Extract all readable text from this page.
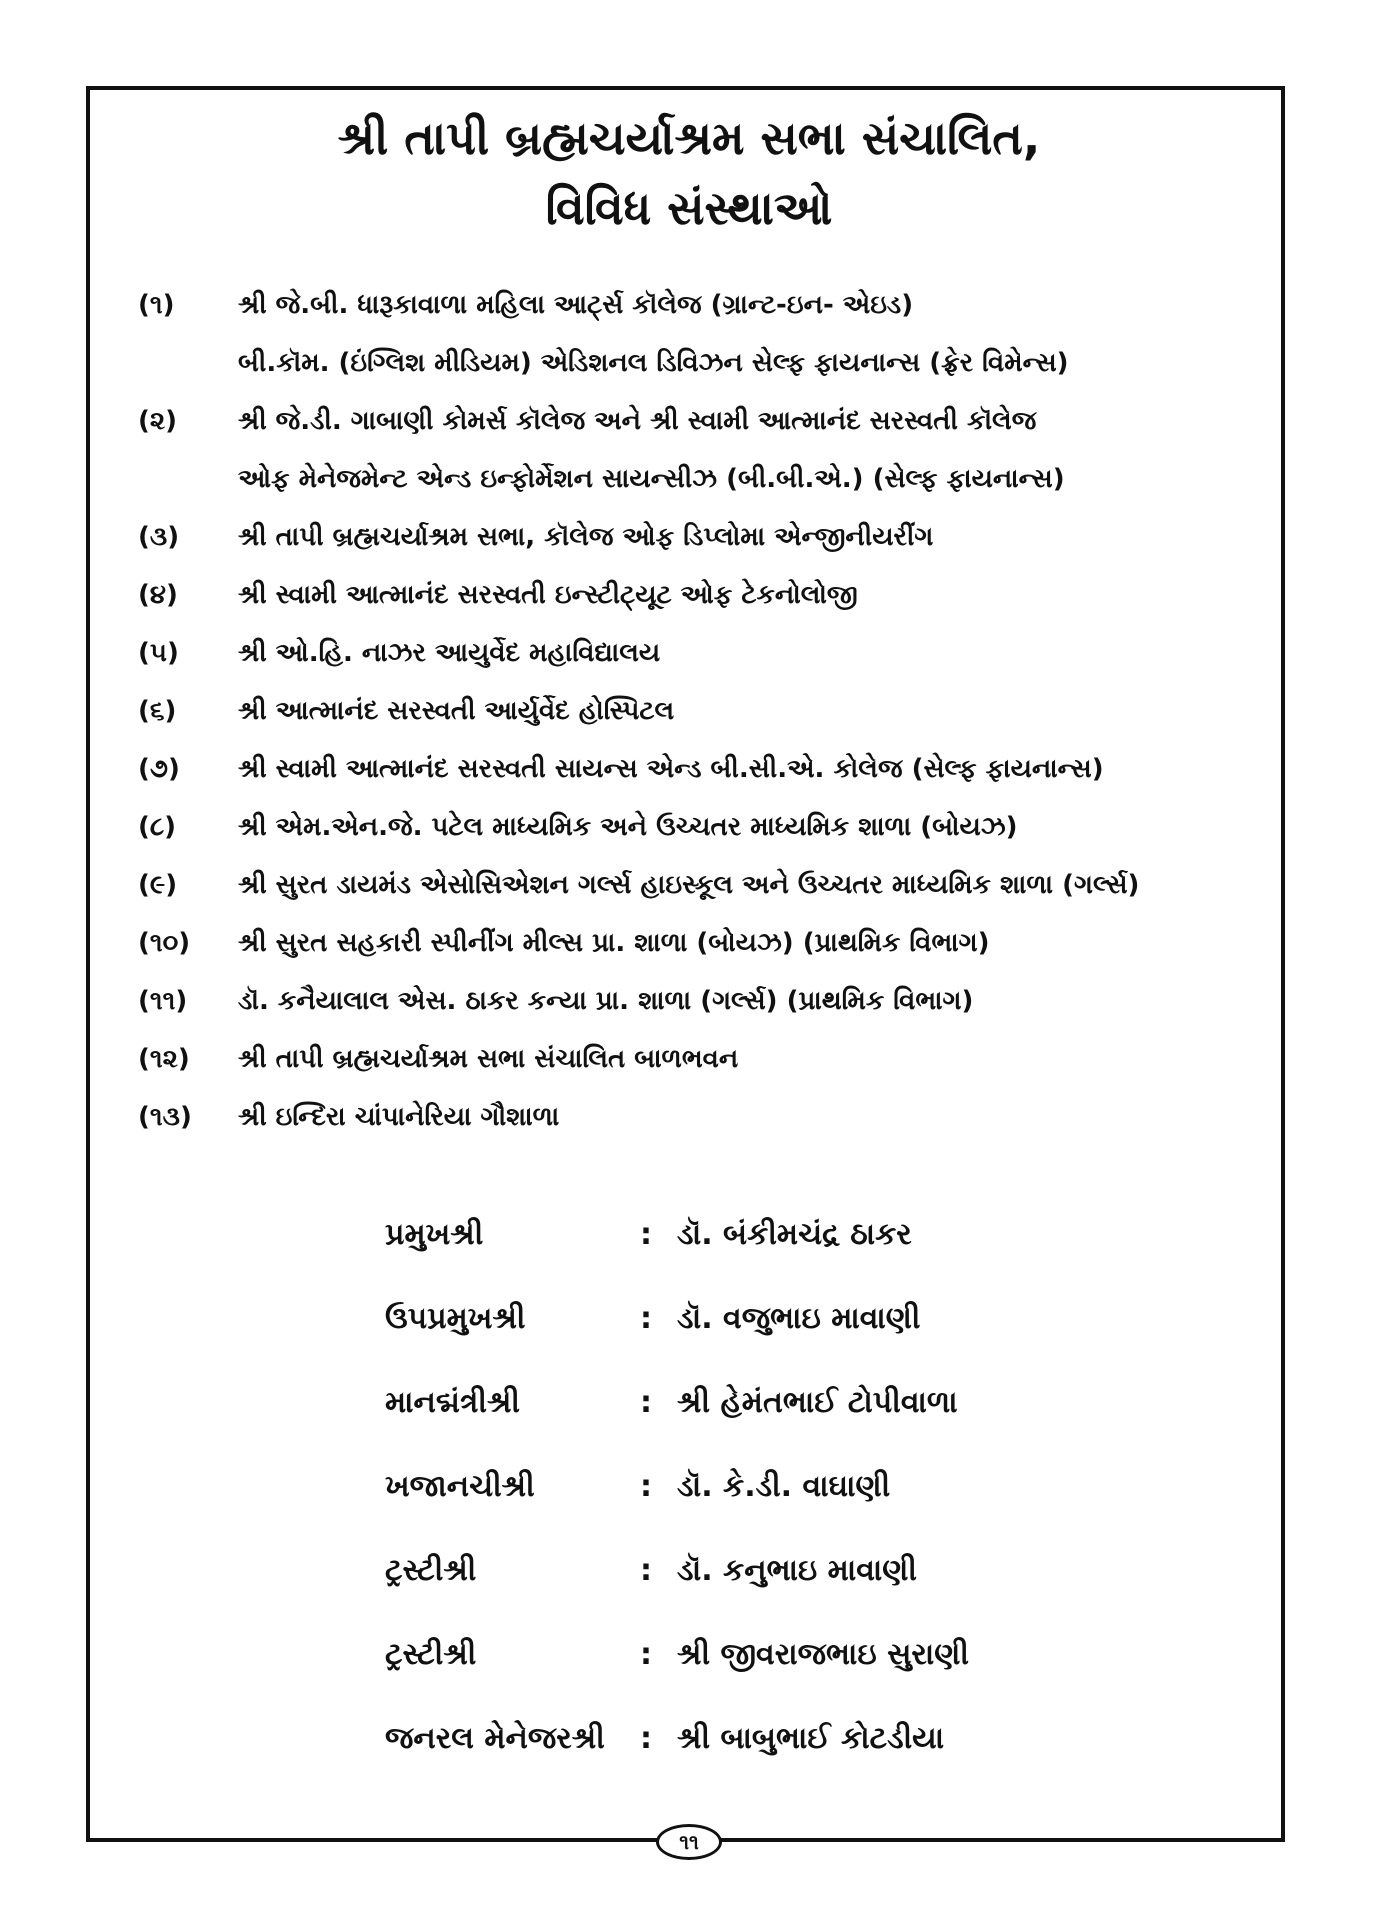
શ્રી તાપી બ્રહ્મચર્યાશ્રમ સભા સંચાલિત,
વિવિધ સંસ્થાઓ
(૧)	શ્રી જે.બી. ધારૂકાવાળા મહિલા આર્ટ્સ કૉલેજ (ગ્રાન્ટ-ઇન- એઇડ)
બી.કૉમ. (ઇંગ્લિશ મીડિયમ) એડિશનલ ડિવિઝન સેલ્ફ ફાયનાન્સ (ફ્રેર વિમેન્સ)
(૨)	શ્રી જે.ડી. ગાબાણી કોમર્સ કૉલેજ અને શ્રી સ્વામી આત્માનંદ સરસ્વતી કૉલેજ
ઓફ મેનેજમેન્ટ એન્ડ ઇન્ફોર્મેશન સાયન્સીઝ (બી.બી.એ.) (સેલ્ફ ફાયનાન્સ)
(૩)	શ્રી તાપી બ્રહ્મચર્યાશ્રમ સભા, કૉલેજ ઓફ ડિપ્લોમા એન્જીનીયરીંગ
(૪)	શ્રી સ્વામી આત્માનંદ સરસ્વતી ઇન્સ્ટીટ્યૂટ ઓફ ટેકનોલોજી
(૫)	શ્રી ઓ.હિ. નાઝર આયુર્વેદ મહાવિદ્યાલય
(૬)	શ્રી આત્માનંદ સરસ્વતી આર્યુર્વેદ હોસ્પિટલ
(૭)	શ્રી સ્વામી આત્માનંદ સરસ્વતી સાયન્સ એન્ડ બી.સી.એ. કોલેજ (સેલ્ફ ફાયનાન્સ)
(૮)	શ્રી એમ.એન.જે. પટેલ માધ્યમિક અને ઉચ્ચતર માધ્યમિક શાળા (બોયઝ)
(૯)	શ્રી સુરત ડાયમંડ એસોસિએશન ગર્લ્સ હાઇસ્કૂલ અને ઉચ્ચતર માધ્યમિક શાળા (ગર્લ્સ)
(૧૦)	શ્રી સુરત સહકારી સ્પીનીંગ મીલ્સ પ્રા. શાળા (બોયઝ) (પ્રાથમિક વિભાગ)
(૧૧)	ડૉ. કનૈયાલાલ એસ. ઠાકર કન્યા પ્રા. શાળા (ગર્લ્સ) (પ્રાથમિક વિભાગ)
(૧૨)	શ્રી તાપી બ્રહ્મચર્યાશ્રમ સભા સંચાલિત બાળભવન
(૧૩)	શ્રી ઇન્દિરા ચાંપાનેરિયા ગૌશાળા
પ્રમુખશ્રી	: ડૉ. બંકીમચંદ્ર ઠાકર
ઉપપ્રમુખશ્રી	: ડૉ. વજુભાઇ માવાણી
માનદ્મંત્રીશ્રી	: શ્રી હેમંતભાઈ ટોપીવાળા
ખજાનચીશ્રી	: ડૉ. કે.ડી. વાઘાણી
ટ્રસ્ટીશ્રી	: ડૉ. કનુભાઇ માવાણી
ટ્રસ્ટીશ્રી	: શ્રી જીવરાજભાઇ સુરાણી
જનરલ મેનેજરશ્રી : શ્રી બાબુભાઈ કોટડીયા
૧૧
